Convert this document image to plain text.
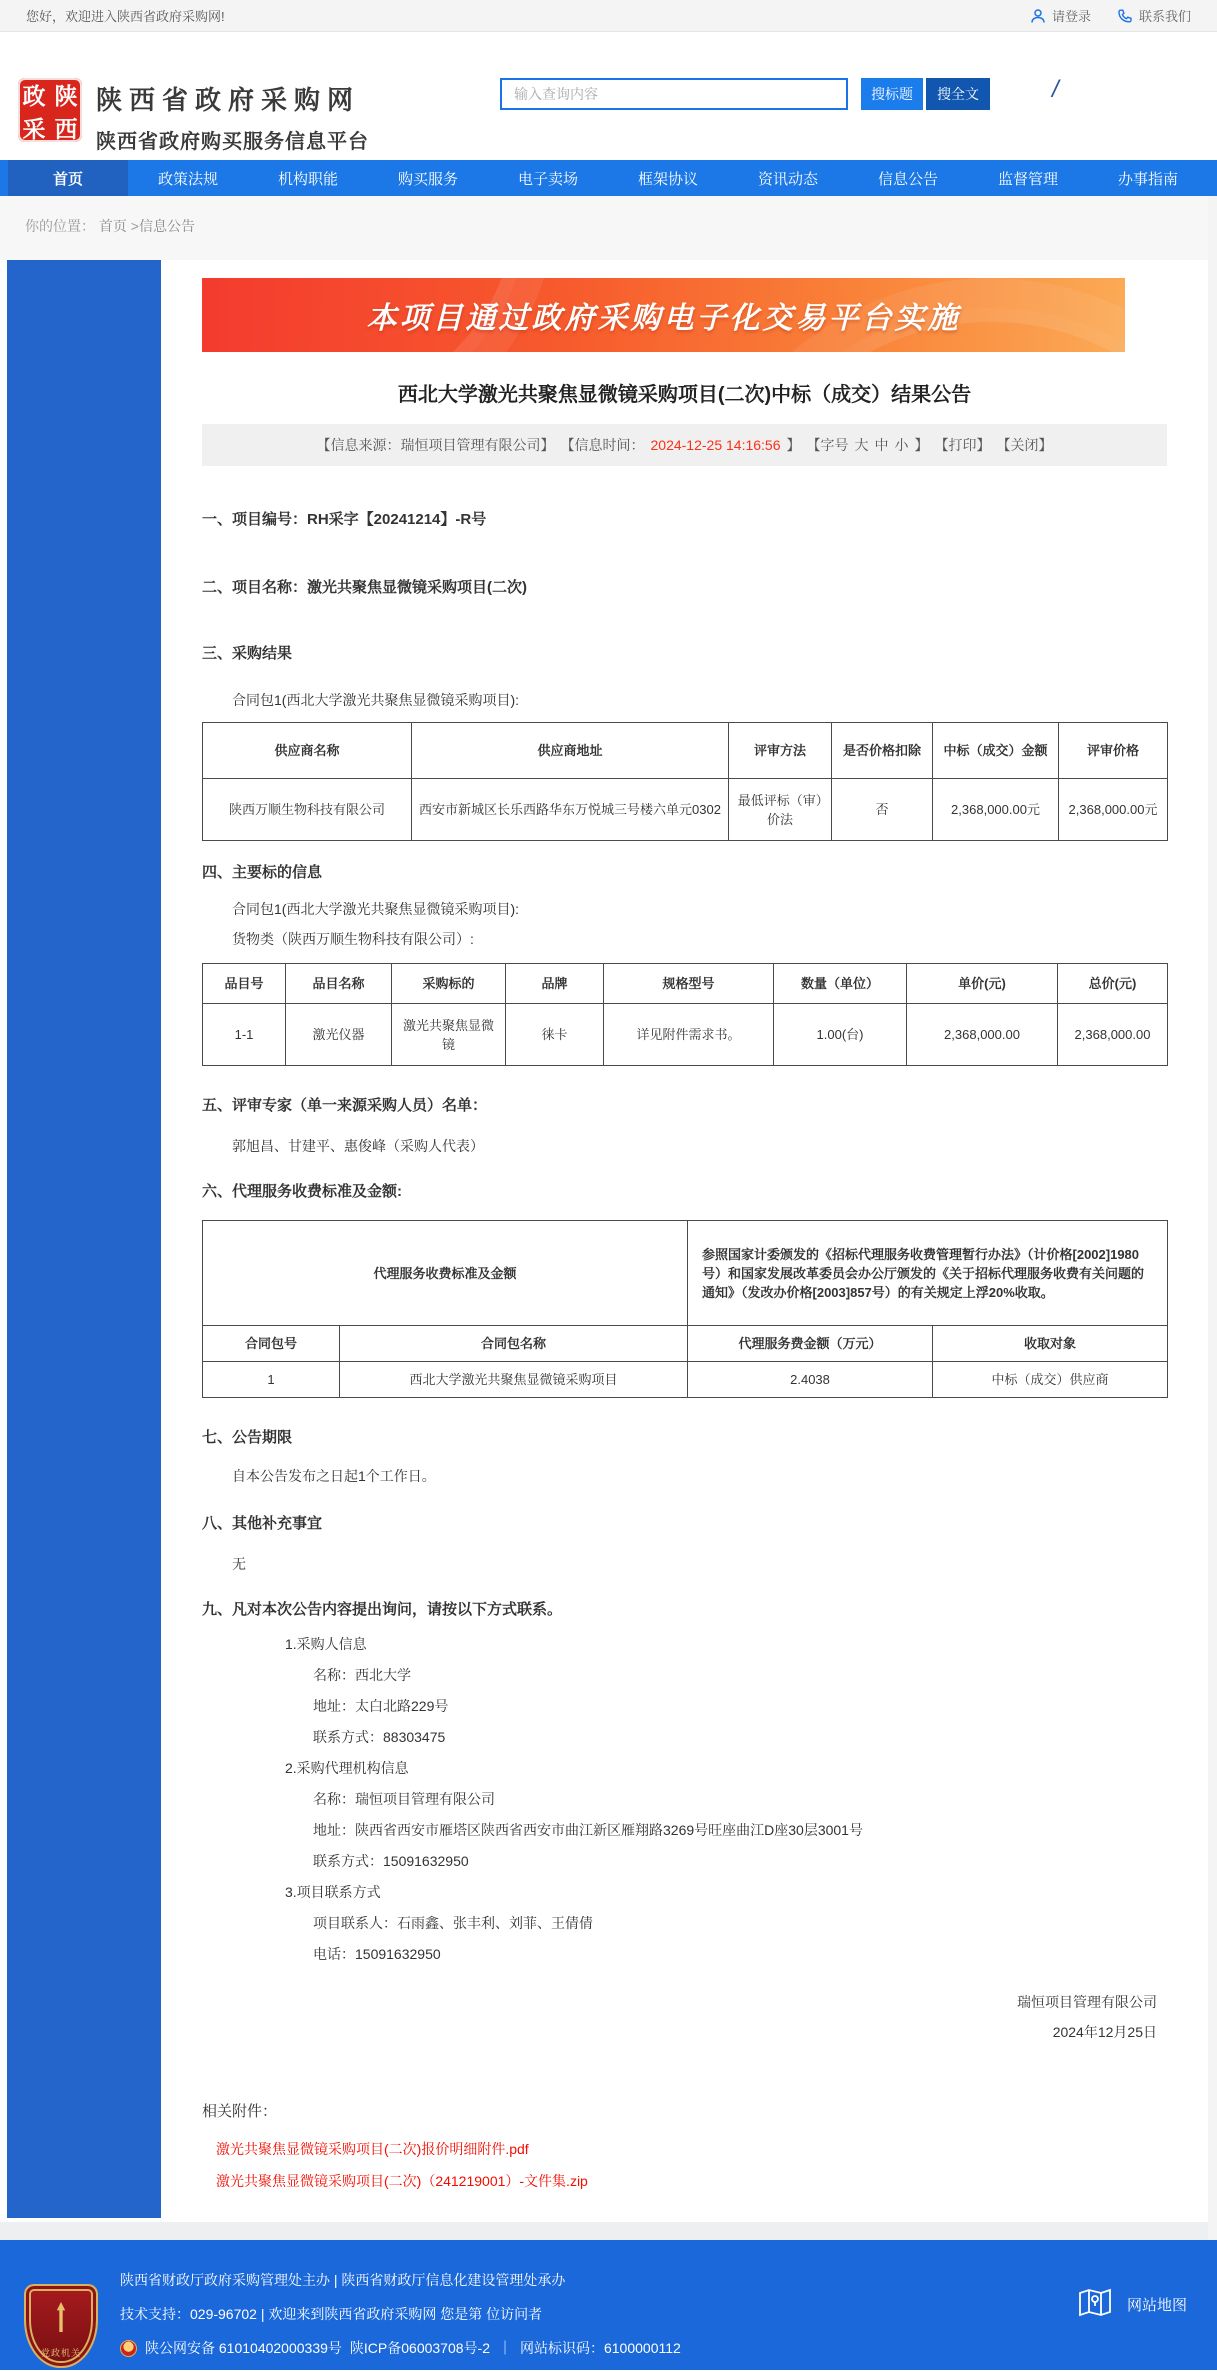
您好，欢迎进入陕西省政府采购网!	请登录	联系我们
政 陕
采 西
陕西省政府采购网
陕西省政府购买服务信息平台
输入查询内容
搜标题	搜全文	/
首页	政策法规	机构职能	购买服务	电子卖场	框架协议	资讯动态	信息公告	监督管理	办事指南
你的位置： 首页 >信息公告
本项目通过政府采购电子化交易平台实施
西北大学激光共聚焦显微镜采购项目(二次)中标（成交）结果公告
【信息来源：瑞恒项目管理有限公司】 【信息时间： 2024-12-25 14:16:56 】 【字号 大 中 小 】 【打印】 【关闭】
一、项目编号：RH采字【20241214】-R号
二、项目名称：激光共聚焦显微镜采购项目(二次)
三、采购结果
合同包1(西北大学激光共聚焦显微镜采购项目):
供应商名称	供应商地址	评审方法	是否价格扣除	中标（成交）金额	评审价格
陕西万顺生物科技有限公司	西安市新城区长乐西路华东万悦城三号楼六单元0302	最低评标（审）价法	否	2,368,000.00元	2,368,000.00元
四、主要标的信息
合同包1(西北大学激光共聚焦显微镜采购项目):
货物类（陕西万顺生物科技有限公司）:
品目号	品目名称	采购标的	品牌	规格型号	数量（单位）	单价(元)	总价(元)
1-1	激光仪器	激光共聚焦显微镜	徕卡	详见附件需求书。	1.00(台)	2,368,000.00	2,368,000.00
五、评审专家（单一来源采购人员）名单：
郭旭昌、甘建平、惠俊峰（采购人代表）
六、代理服务收费标准及金额:
代理服务收费标准及金额		参照国家计委颁发的《招标代理服务收费管理暂行办法》（计价格[2002]1980号）和国家发展改革委员会办公厅颁发的《关于招标代理服务收费有关问题的通知》（发改办价格[2003]857号）的有关规定上浮20%收取。	
合同包号	合同包名称	代理服务费金额（万元）	收取对象
1	西北大学激光共聚焦显微镜采购项目	2.4038	中标（成交）供应商
七、公告期限
自本公告发布之日起1个工作日。
八、其他补充事宜
无
九、凡对本次公告内容提出询问，请按以下方式联系。
1.采购人信息
名称：西北大学
地址：太白北路229号
联系方式：88303475
2.采购代理机构信息
名称：瑞恒项目管理有限公司
地址：陕西省西安市雁塔区陕西省西安市曲江新区雁翔路3269号旺座曲江D座30层3001号
联系方式：15091632950
3.项目联系方式
项目联系人：石雨鑫、张丰利、刘菲、王倩倩
电话：15091632950
瑞恒项目管理有限公司
2024年12月25日
相关附件：
激光共聚焦显微镜采购项目(二次)报价明细附件.pdf
激光共聚焦显微镜采购项目(二次)（241219001）-文件集.zip
党政机关
陕西省财政厅政府采购管理处主办 | 陕西省财政厅信息化建设管理处承办
技术支持：029-96702 | 欢迎来到陕西省政府采购网 您是第 位访问者
陕公网安备 61010402000339号 陕ICP备06003708号-2 ｜ 网站标识码：6100000112
网站地图
